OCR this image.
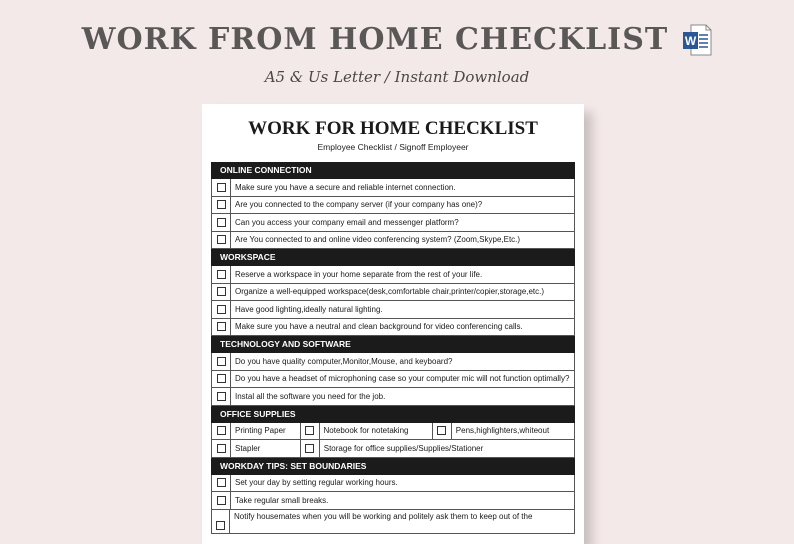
WORK FROM HOME CHECKLIST W
A5 & Us Letter / Instant Download
WORK FOR HOME CHECKLIST
Employee Checklist / Signoff Employeer
ONLINE CONNECTION
Make sure you have a secure and reliable internet connection.
Are you connected to the company server (if your company has one)?
Can you access your company email and messenger platform?
Are You connected to and online video conferencing system? (Zoom,Skype,Etc.)
WORKSPACE
Reserve a workspace in your home separate from the rest of your life.
Organize a well-equipped workspace(desk,comfortable chair,printer/copier,storage,etc.)
Have good lighting,ideally natural lighting.
Make sure you have a neutral and clean background for video conferencing calls.
TECHNOLOGY AND SOFTWARE
Do you have quality computer,Monitor,Mouse, and keyboard?
Do you have a headset of microphoning case so your computer mic will not function optimally?
Instal all the software you need for the job.
OFFICE SUPPLIES
Printing Paper	Notebook for notetaking	Pens,highlighters,whiteout
Stapler	Storage for office supplies/Supplies/Stationer
WORKDAY TIPS: SET BOUNDARIES
Set your day by setting regular working hours.
Take regular small breaks.
Notify housemates when you will be working and politely ask them to keep out of the
